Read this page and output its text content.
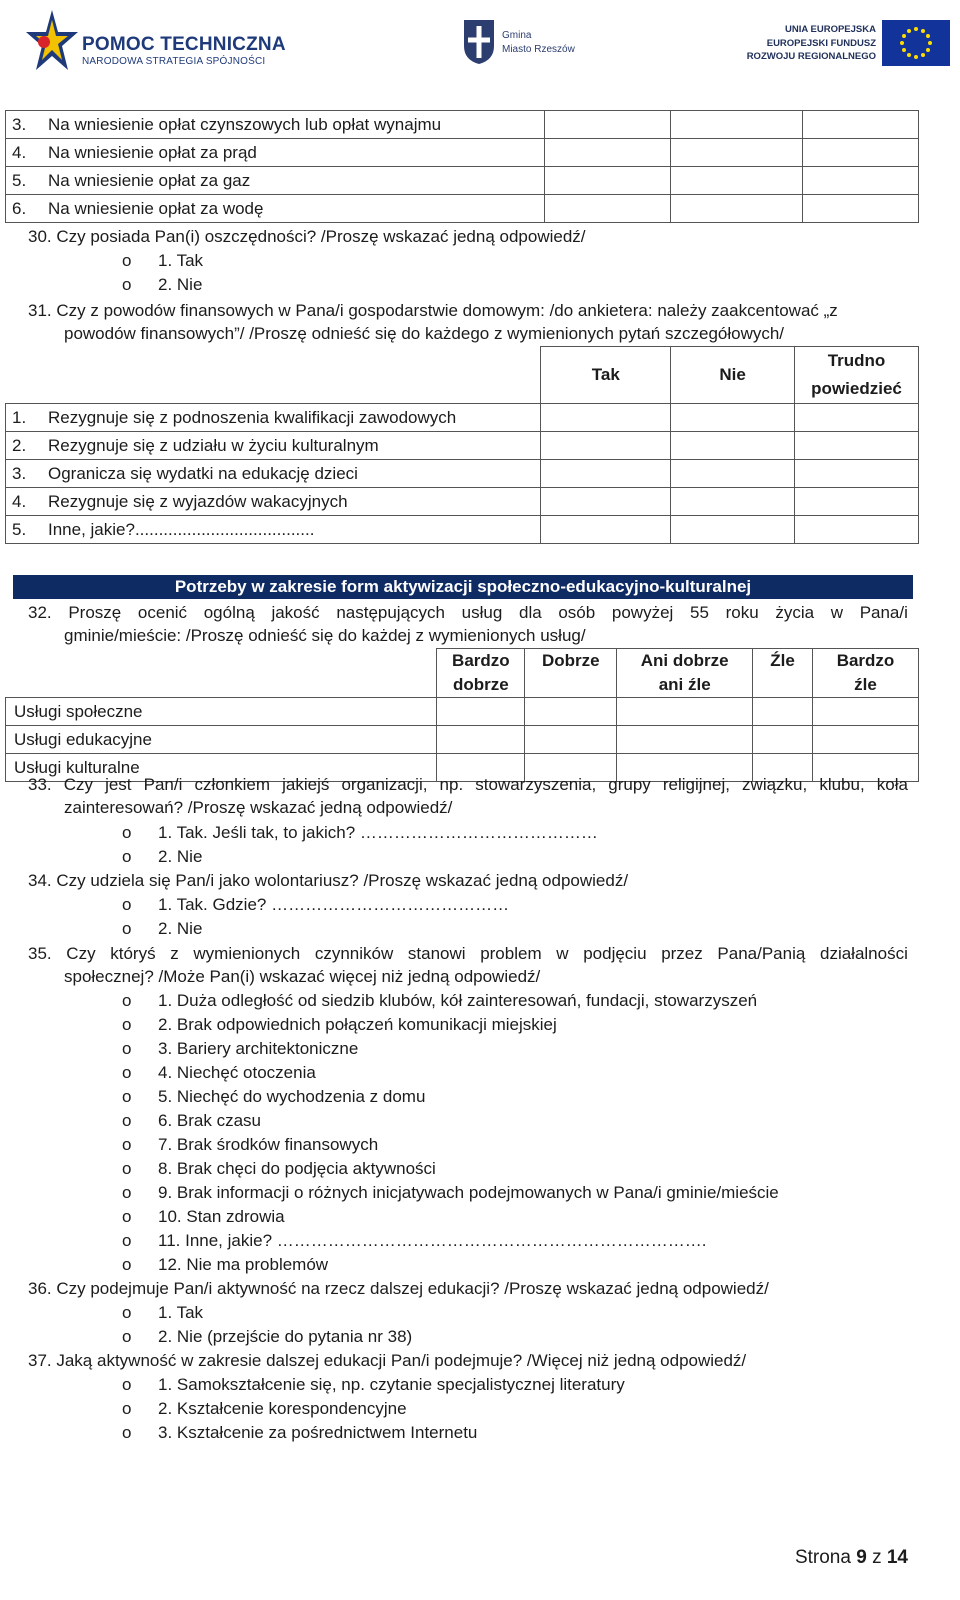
POMOC TECHNICZNA
NARODOWA STRATEGIA SPÓJNOŚCI
Gmina
Miasto Rzeszów
UNIA EUROPEJSKA
EUROPEJSKI FUNDUSZ
ROZWOJU REGIONALNEGO
3. Na wniesienie opłat czynszowych lub opłat wynajmu			
4. Na wniesienie opłat za prąd			
5. Na wniesienie opłat za gaz			
6. Na wniesienie opłat za wodę			
30. Czy posiada Pan(i) oszczędności? /Proszę wskazać jedną odpowiedź/
o 1. Tak
o 2. Nie
31. Czy z powodów finansowych w Pana/i gospodarstwie domowym: /do ankietera: należy zaakcentować „z
powodów finansowych”/ /Proszę odnieść się do każdego z wymienionych pytań szczegółowych/
	Tak	Nie	Trudno
powiedzieć
1. Rezygnuje się z podnoszenia kwalifikacji zawodowych			
2. Rezygnuje się z udziału w życiu kulturalnym			
3. Ogranicza się wydatki na edukację dzieci			
4. Rezygnuje się z wyjazdów wakacyjnych			
5. Inne, jakie?......................................			
Potrzeby w zakresie form aktywizacji społeczno-edukacyjno-kulturalnej
32. Proszę ocenić ogólną jakość następujących usług dla osób powyżej 55 roku życia w Pana/i
gminie/mieście: /Proszę odnieść się do każdej z wymienionych usług/
	Bardzo
dobrze	Dobrze	Ani dobrze
ani źle	Źle	Bardzo
źle
Usługi społeczne					
Usługi edukacyjne					
Usługi kulturalne					
33. Czy jest Pan/i członkiem jakiejś organizacji, np. stowarzyszenia, grupy religijnej, związku, klubu, koła
zainteresowań? /Proszę wskazać jedną odpowiedź/
o 1. Tak. Jeśli tak, to jakich? ……………………………………
o 2. Nie
34. Czy udziela się Pan/i jako wolontariusz? /Proszę wskazać jedną odpowiedź/
o 1. Tak. Gdzie? ……………………………………
o 2. Nie
35. Czy któryś z wymienionych czynników stanowi problem w podjęciu przez Pana/Panią działalności
społecznej? /Może Pan(i) wskazać więcej niż jedną odpowiedź/
o 1. Duża odległość od siedzib klubów, kół zainteresowań, fundacji, stowarzyszeń
o 2. Brak odpowiednich połączeń komunikacji miejskiej
o 3. Bariery architektoniczne
o 4. Niechęć otoczenia
o 5. Niechęć do wychodzenia z domu
o 6. Brak czasu
o 7. Brak środków finansowych
o 8. Brak chęci do podjęcia aktywności
o 9. Brak informacji o różnych inicjatywach podejmowanych w Pana/i gminie/mieście
o 10. Stan zdrowia
o 11. Inne, jakie? ………………………………………………………………….
o 12. Nie ma problemów
36. Czy podejmuje Pan/i aktywność na rzecz dalszej edukacji? /Proszę wskazać jedną odpowiedź/
o 1. Tak
o 2. Nie (przejście do pytania nr 38)
37. Jaką aktywność w zakresie dalszej edukacji Pan/i podejmuje? /Więcej niż jedną odpowiedź/
o 1. Samokształcenie się, np. czytanie specjalistycznej literatury
o 2. Kształcenie korespondencyjne
o 3. Kształcenie za pośrednictwem Internetu
Strona 9 z 14
